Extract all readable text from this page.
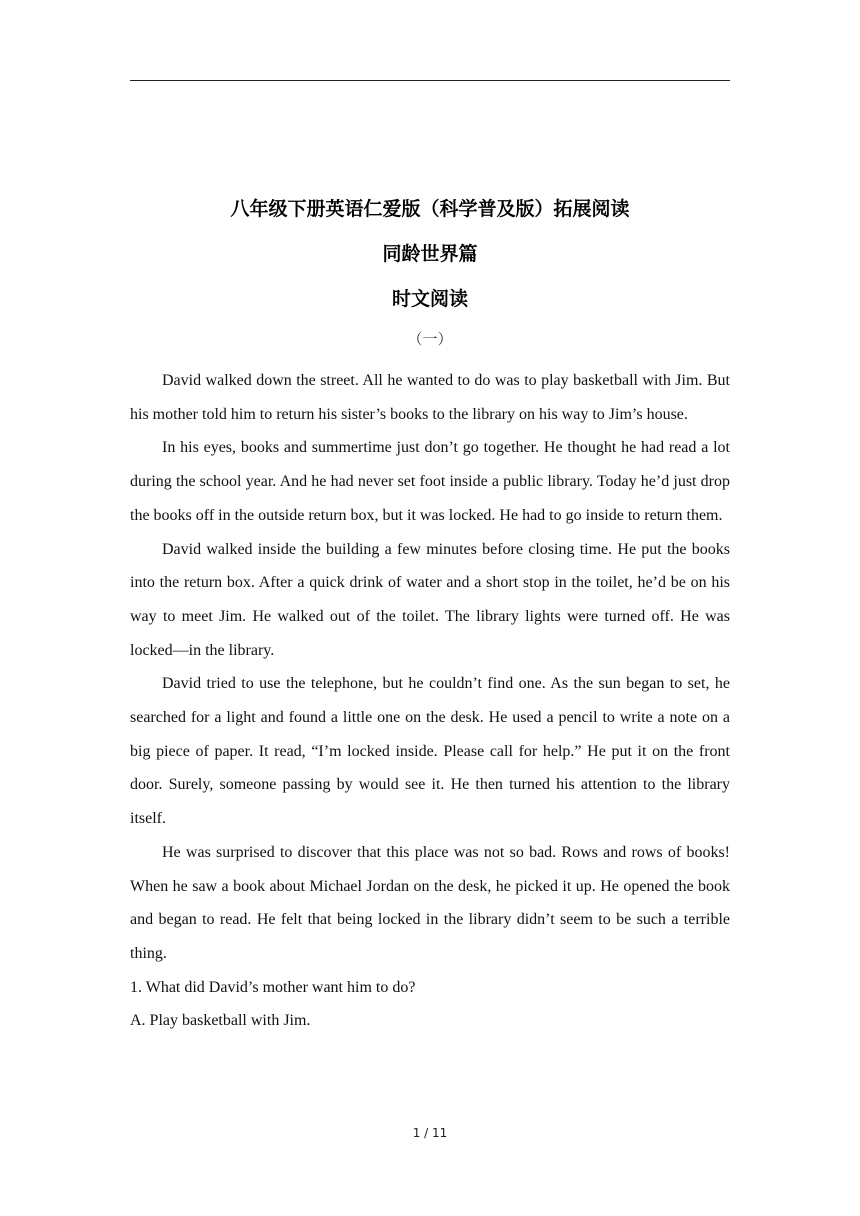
八年级下册英语仁爱版（科学普及版）拓展阅读
同龄世界篇
时文阅读
（一）

David walked down the street. All he wanted to do was to play basketball with Jim. But his mother told him to return his sister’s books to the library on his way to Jim’s house.

In his eyes, books and summertime just don’t go together. He thought he had read a lot during the school year. And he had never set foot inside a public library. Today he’d just drop the books off in the outside return box, but it was locked. He had to go inside to return them.

David walked inside the building a few minutes before closing time. He put the books into the return box. After a quick drink of water and a short stop in the toilet, he’d be on his way to meet Jim. He walked out of the toilet. The library lights were turned off. He was locked—in the library.

David tried to use the telephone, but he couldn’t find one. As the sun began to set, he searched for a light and found a little one on the desk. He used a pencil to write a note on a big piece of paper. It read, “I’m locked inside. Please call for help.” He put it on the front door. Surely, someone passing by would see it. He then turned his attention to the library itself.

He was surprised to discover that this place was not so bad. Rows and rows of books! When he saw a book about Michael Jordan on the desk, he picked it up. He opened the book and began to read. He felt that being locked in the library didn’t seem to be such a terrible thing.

1. What did David’s mother want him to do?

A. Play basketball with Jim.

1 / 11
